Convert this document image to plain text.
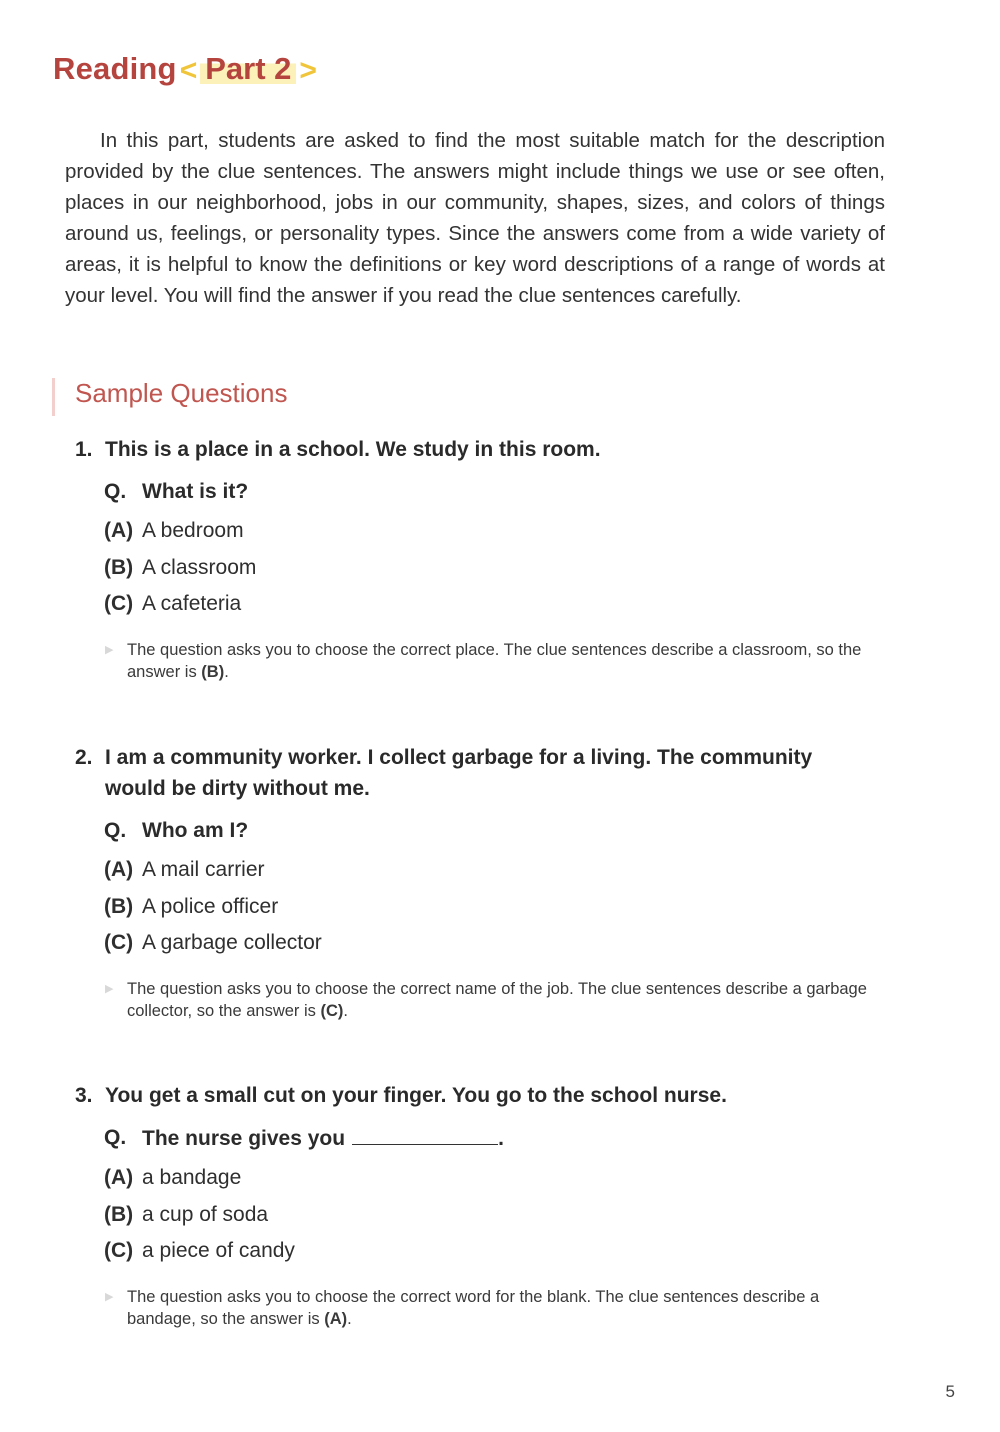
Reading < Part 2 >

In this part, students are asked to find the most suitable match for the description provided by the clue sentences. The answers might include things we use or see often, places in our neighborhood, jobs in our community, shapes, sizes, and colors of things around us, feelings, or personality types. Since the answers come from a wide variety of areas, it is helpful to know the definitions or key word descriptions of a range of words at your level. You will find the answer if you read the clue sentences carefully.

Sample Questions
1. This is a place in a school. We study in this room.
Q. What is it?
(A) A bedroom
(B) A classroom
(C) A cafeteria
▶ The question asks you to choose the correct place. The clue sentences describe a classroom, so the answer is (B).
2. I am a community worker. I collect garbage for a living. The community would be dirty without me.
Q. Who am I?
(A) A mail carrier
(B) A police officer
(C) A garbage collector
▶ The question asks you to choose the correct name of the job. The clue sentences describe a garbage collector, so the answer is (C).
3. You get a small cut on your finger. You go to the school nurse.
Q. The nurse gives you	.
(A) a bandage
(B) a cup of soda
(C) a piece of candy
▶ The question asks you to choose the correct word for the blank. The clue sentences describe a bandage, so the answer is (A).
5
